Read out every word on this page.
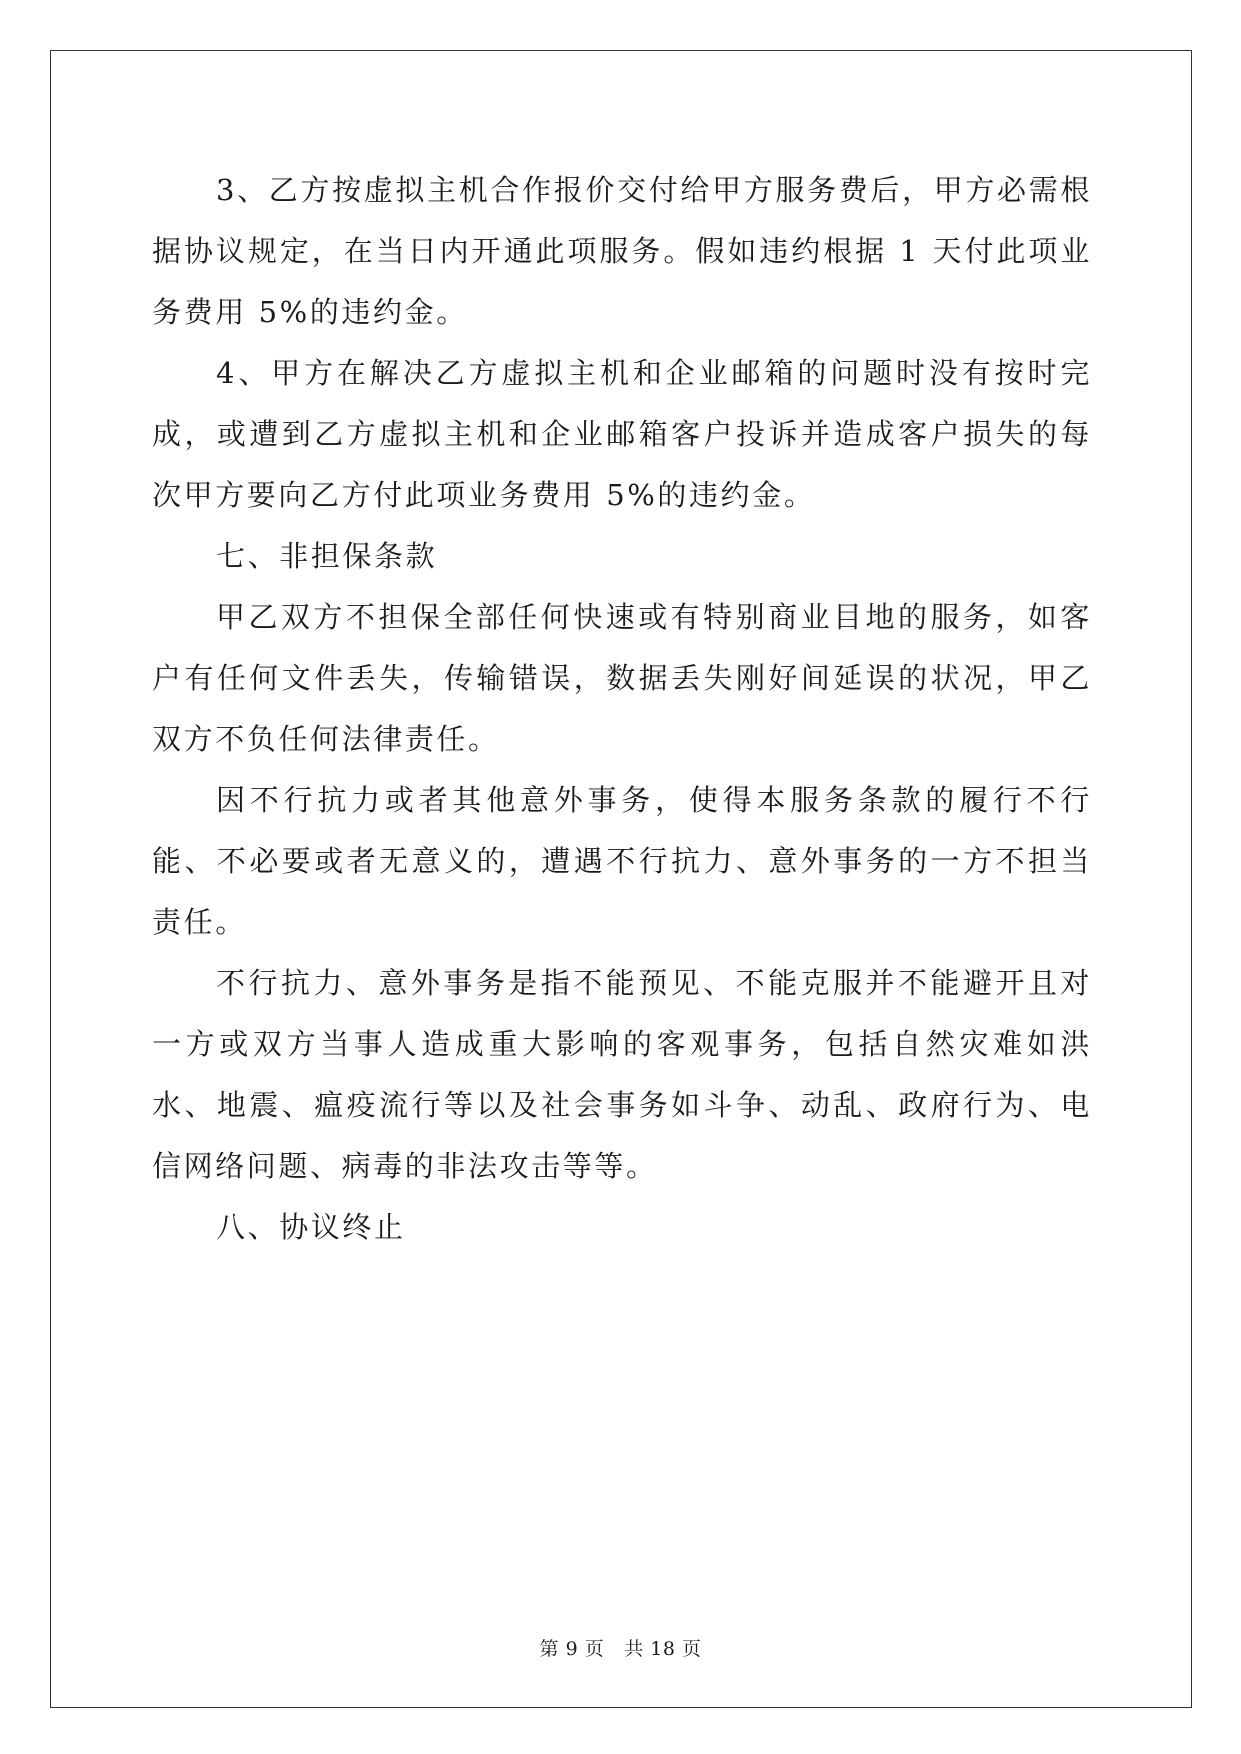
3、乙方按虚拟主机合作报价交付给甲方服务费后，甲方必需根据协议规定，在当日内开通此项服务。假如违约根据 1 天付此项业务费用 5%的违约金。

4、甲方在解决乙方虚拟主机和企业邮箱的问题时没有按时完成，或遭到乙方虚拟主机和企业邮箱客户投诉并造成客户损失的每次甲方要向乙方付此项业务费用 5%的违约金。

七、非担保条款

甲乙双方不担保全部任何快速或有特别商业目地的服务，如客户有任何文件丢失，传输错误，数据丢失刚好间延误的状况，甲乙双方不负任何法律责任。

因不行抗力或者其他意外事务，使得本服务条款的履行不行能、不必要或者无意义的，遭遇不行抗力、意外事务的一方不担当责任。

不行抗力、意外事务是指不能预见、不能克服并不能避开且对一方或双方当事人造成重大影响的客观事务，包括自然灾难如洪水、地震、瘟疫流行等以及社会事务如斗争、动乱、政府行为、电信网络问题、病毒的非法攻击等等。

八、协议终止

第 9 页 共 18 页
